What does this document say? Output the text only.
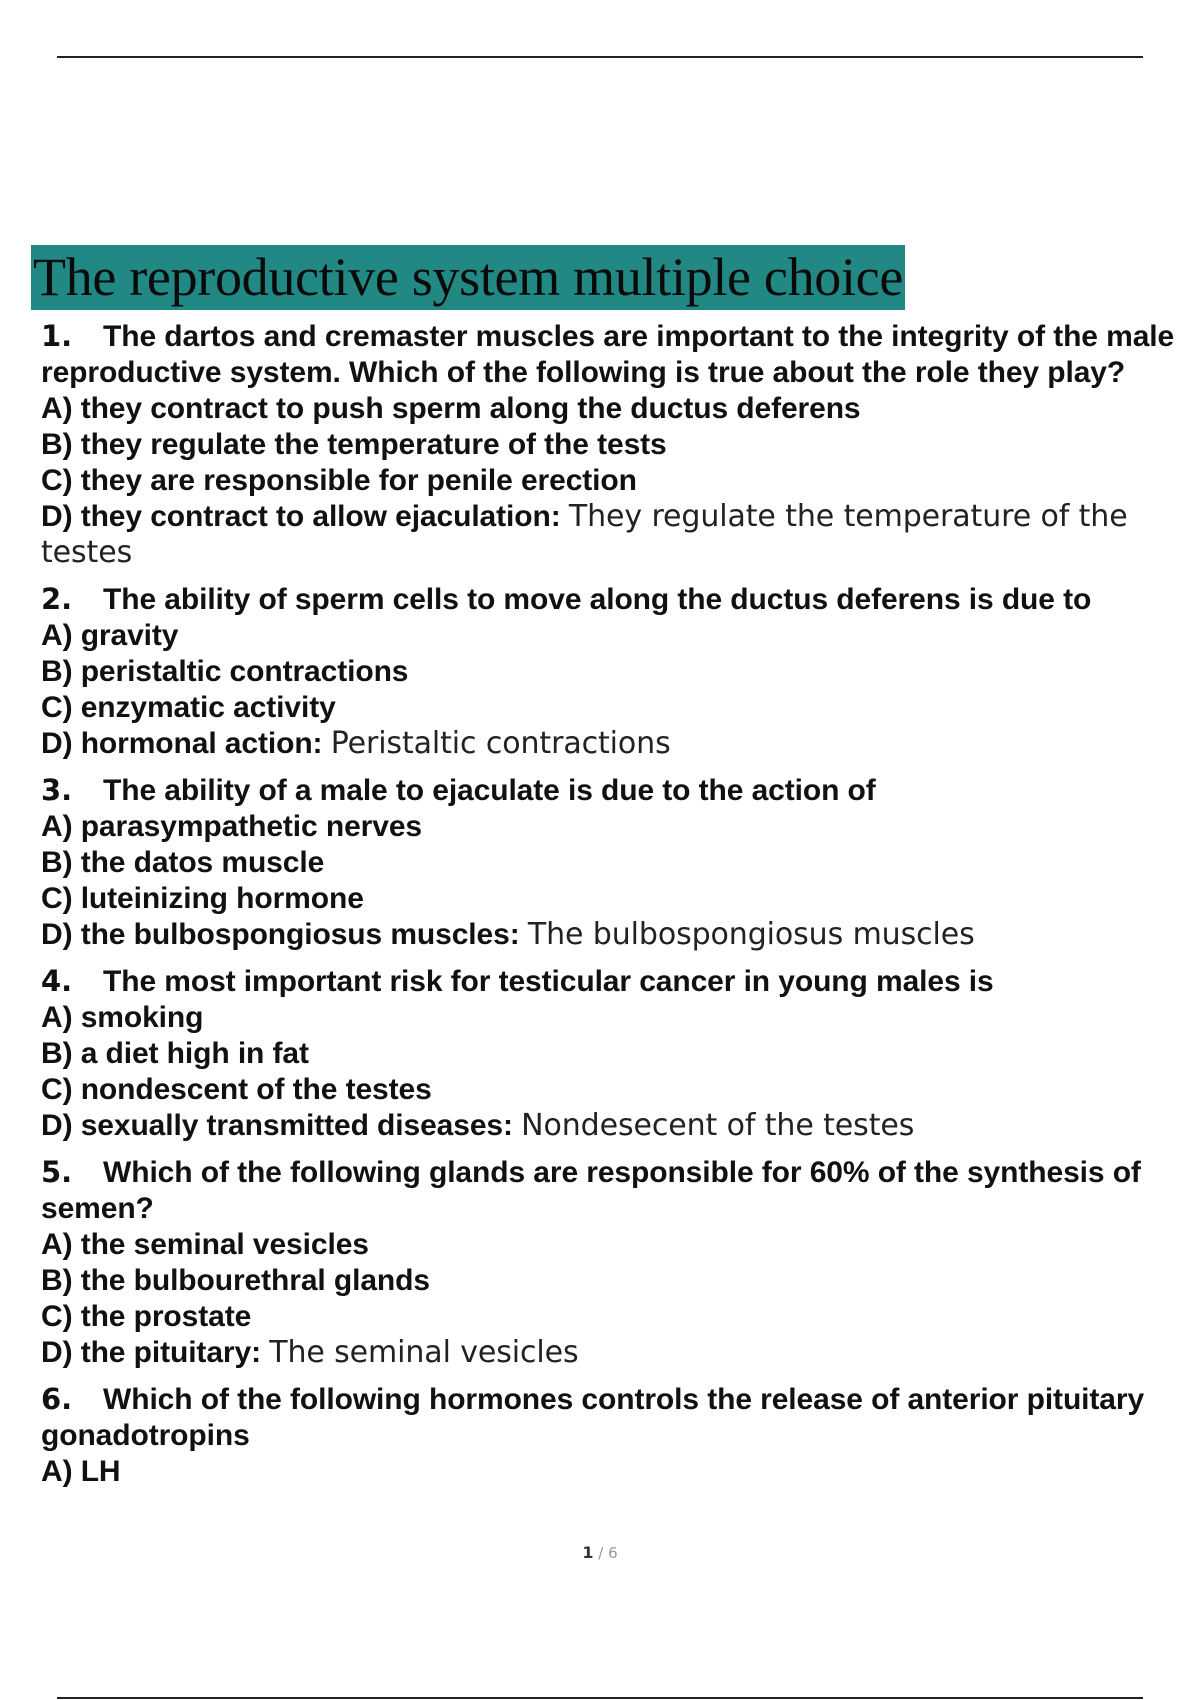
The reproductive system multiple choice
1. The dartos and cremaster muscles are important to the integrity of the male reproductive system. Which of the following is true about the role they play?
A) they contract to push sperm along the ductus deferens
B) they regulate the temperature of the tests
C) they are responsible for penile erection
D) they contract to allow ejaculation: They regulate the temperature of the testes
2. The ability of sperm cells to move along the ductus deferens is due to
A) gravity
B) peristaltic contractions
C) enzymatic activity
D) hormonal action: Peristaltic contractions
3. The ability of a male to ejaculate is due to the action of
A) parasympathetic nerves
B) the datos muscle
C) luteinizing hormone
D) the bulbospongiosus muscles: The bulbospongiosus muscles
4. The most important risk for testicular cancer in young males is
A) smoking
B) a diet high in fat
C) nondescent of the testes
D) sexually transmitted diseases: Nondesecent of the testes
5. Which of the following glands are responsible for 60% of the synthesis of semen?
A) the seminal vesicles
B) the bulbourethral glands
C) the prostate
D) the pituitary: The seminal vesicles
6. Which of the following hormones controls the release of anterior pituitary gonadotropins
A) LH
1 / 6
